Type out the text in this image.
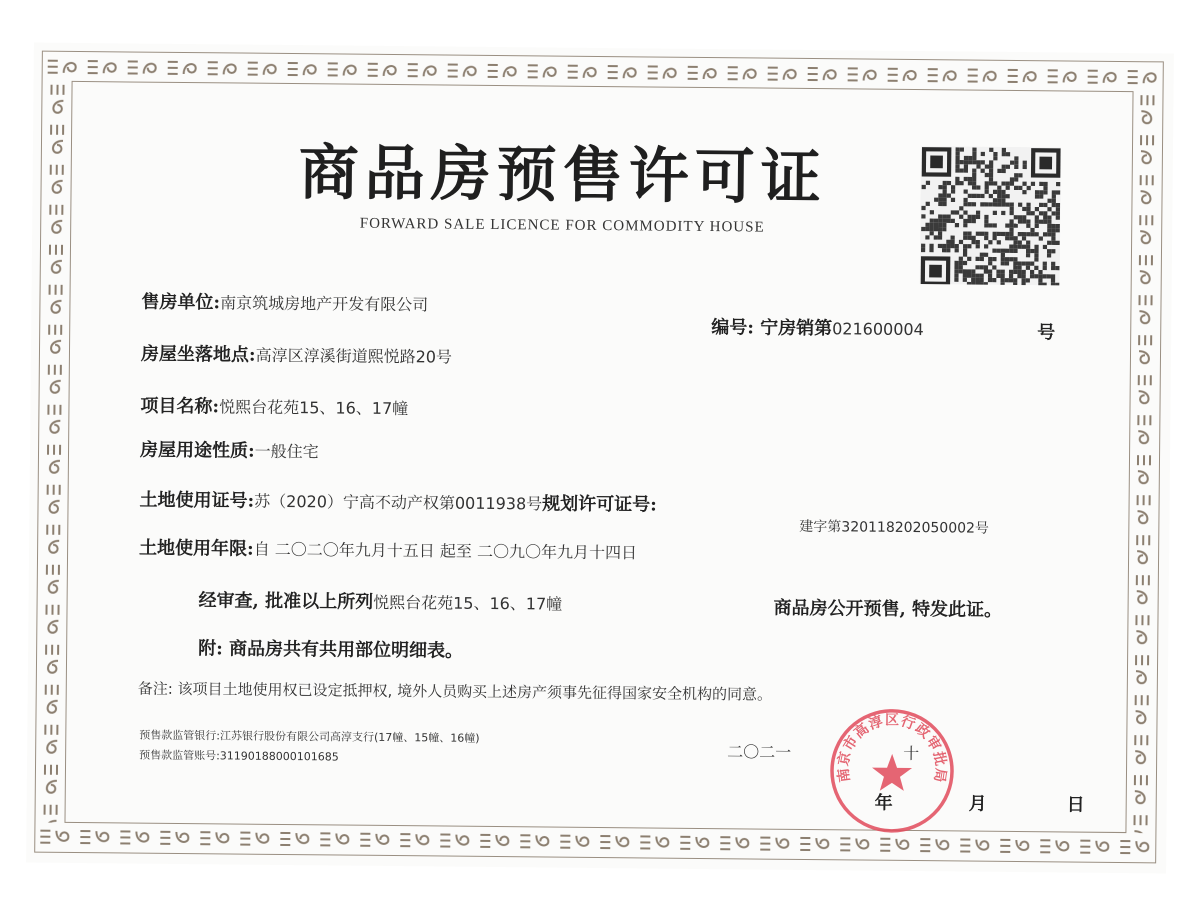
商品房预售许可证
FORWARD SALE LICENCE FOR COMMODITY HOUSE
售房单位:南京筑城房地产开发有限公司
编号: 宁房销第021600004	号
房屋坐落地点:高淳区淳溪街道熙悦路20号
项目名称:悦熙台花苑15、16、17幢
房屋用途性质:一般住宅
土地使用证号:苏（2020）宁高不动产权第0011938号规划许可证号:
建字第320118202050002号
土地使用年限:自 二〇二〇年九月十五日 起至 二〇九〇年九月十四日
经审查, 批准以上所列悦熙台花苑15、16、17幢	商品房公开预售, 特发此证。
附: 商品房共有共用部位明细表。
备注: 该项目土地使用权已设定抵押权, 境外人员购买上述房产须事先征得国家安全机构的同意。
预售款监管银行:江苏银行股份有限公司高淳支行(17幢、15幢、16幢)
预售款监管账号:31190188000101685	二〇二一	十
年	月	日
南京市高淳区行政审批局
